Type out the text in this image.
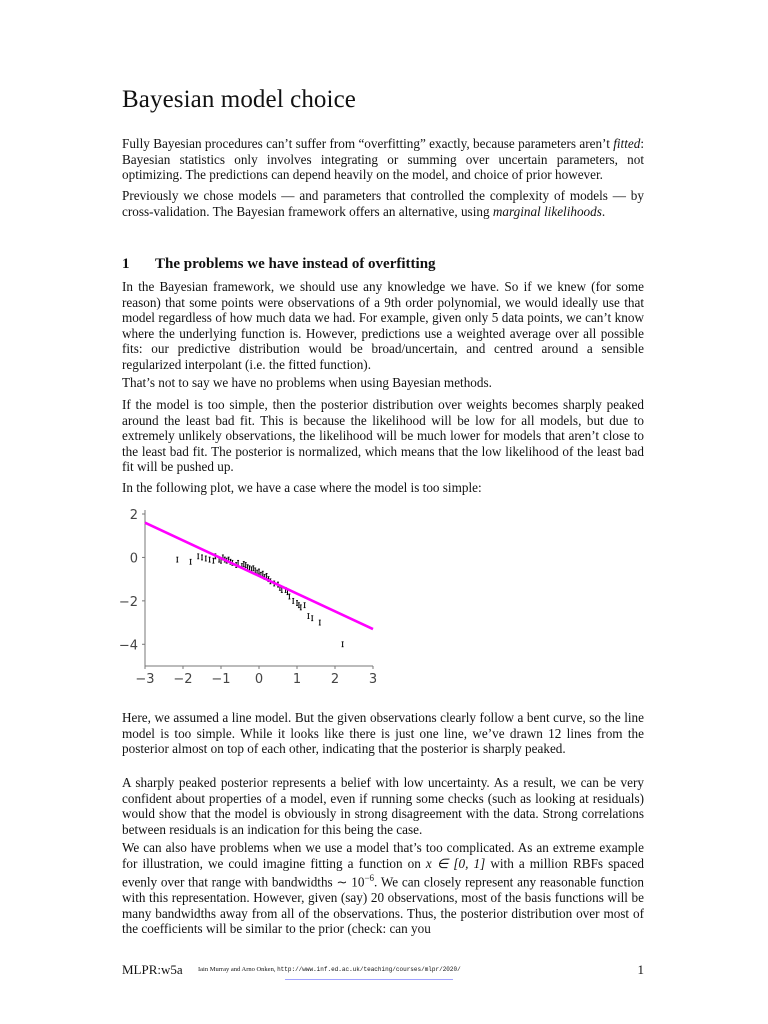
Bayesian model choice

Fully Bayesian procedures can’t suffer from “overfitting” exactly, because parameters aren’t fitted: Bayesian statistics only involves integrating or summing over uncertain parameters, not optimizing. The predictions can depend heavily on the model, and choice of prior however.

Previously we chose models — and parameters that controlled the complexity of models — by cross-validation. The Bayesian framework offers an alternative, using marginal likelihoods.

1 The problems we have instead of overfitting

In the Bayesian framework, we should use any knowledge we have. So if we knew (for some reason) that some points were observations of a 9th order polynomial, we would ideally use that model regardless of how much data we had. For example, given only 5 data points, we can’t know where the underlying function is. However, predictions use a weighted average over all possible fits: our predictive distribution would be broad/uncertain, and centred around a sensible regularized interpolant (i.e. the fitted function).

That’s not to say we have no problems when using Bayesian methods.

If the model is too simple, then the posterior distribution over weights becomes sharply peaked around the least bad fit. This is because the likelihood will be low for all models, but due to extremely unlikely observations, the likelihood will be much lower for models that aren’t close to the least bad fit. The posterior is normalized, which means that the low likelihood of the least bad fit will be pushed up.

In the following plot, we have a case where the model is too simple:

Here, we assumed a line model. But the given observations clearly follow a bent curve, so the line model is too simple. While it looks like there is just one line, we’ve drawn 12 lines from the posterior almost on top of each other, indicating that the posterior is sharply peaked.

A sharply peaked posterior represents a belief with low uncertainty. As a result, we can be very confident about properties of a model, even if running some checks (such as looking at residuals) would show that the model is obviously in strong disagreement with the data. Strong correlations between residuals is an indication for this being the case.

We can also have problems when we use a model that’s too complicated. As an extreme example for illustration, we could imagine fitting a function on x ∈ [0, 1] with a million RBFs spaced evenly over that range with bandwidths ∼ $10^{-6}$. We can closely represent any reasonable function with this representation. However, given (say) 20 observations, most of the basis functions will be many bandwidths away from all of the observations. Thus, the posterior distribution over most of the coefficients will be similar to the prior (check: can you

−3 −2 −1 0 1 2 3
2
0
−2
−4
MLPR:w5a Iain Murray and Arno Onken, http://www.inf.ed.ac.uk/teaching/courses/mlpr/2020/	1
